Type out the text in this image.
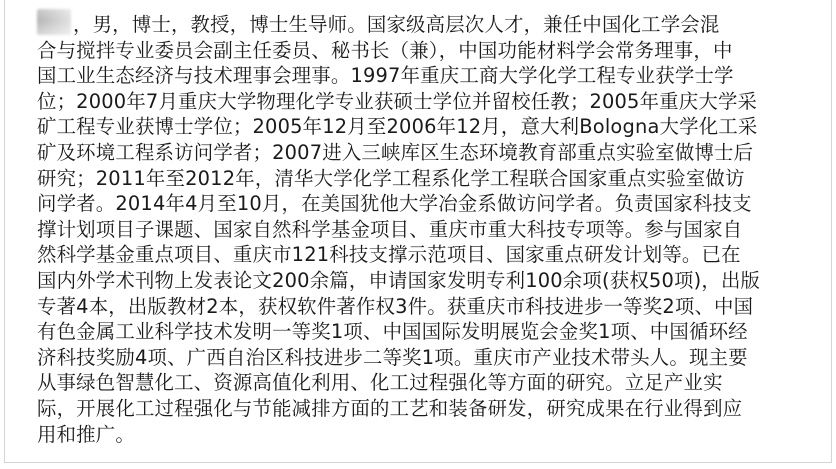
，男，博士，教授，博士生导师。国家级高层次人才，兼任中国化工学会混
合与搅拌专业委员会副主任委员、秘书长（兼），中国功能材料学会常务理事，中
国工业生态经济与技术理事会理事。1997年重庆工商大学化学工程专业获学士学
位；2000年7月重庆大学物理化学专业获硕士学位并留校任教；2005年重庆大学采
矿工程专业获博士学位；2005年12月至2006年12月，意大利Bologna大学化工采
矿及环境工程系访问学者；2007进入三峡库区生态环境教育部重点实验室做博士后
研究；2011年至2012年，清华大学化学工程系化学工程联合国家重点实验室做访
问学者。2014年4月至10月，在美国犹他大学冶金系做访问学者。负责国家科技支
撑计划项目子课题、国家自然科学基金项目、重庆市重大科技专项等。参与国家自
然科学基金重点项目、重庆市121科技支撑示范项目、国家重点研发计划等。已在
国内外学术刊物上发表论文200余篇，申请国家发明专利100余项(获权50项)，出版
专著4本，出版教材2本，获权软件著作权3件。获重庆市科技进步一等奖2项、中国
有色金属工业科学技术发明一等奖1项、中国国际发明展览会金奖1项、中国循环经
济科技奖励4项、广西自治区科技进步二等奖1项。重庆市产业技术带头人。现主要
从事绿色智慧化工、资源高值化利用、化工过程强化等方面的研究。立足产业实
际，开展化工过程强化与节能减排方面的工艺和装备研发，研究成果在行业得到应
用和推广。
